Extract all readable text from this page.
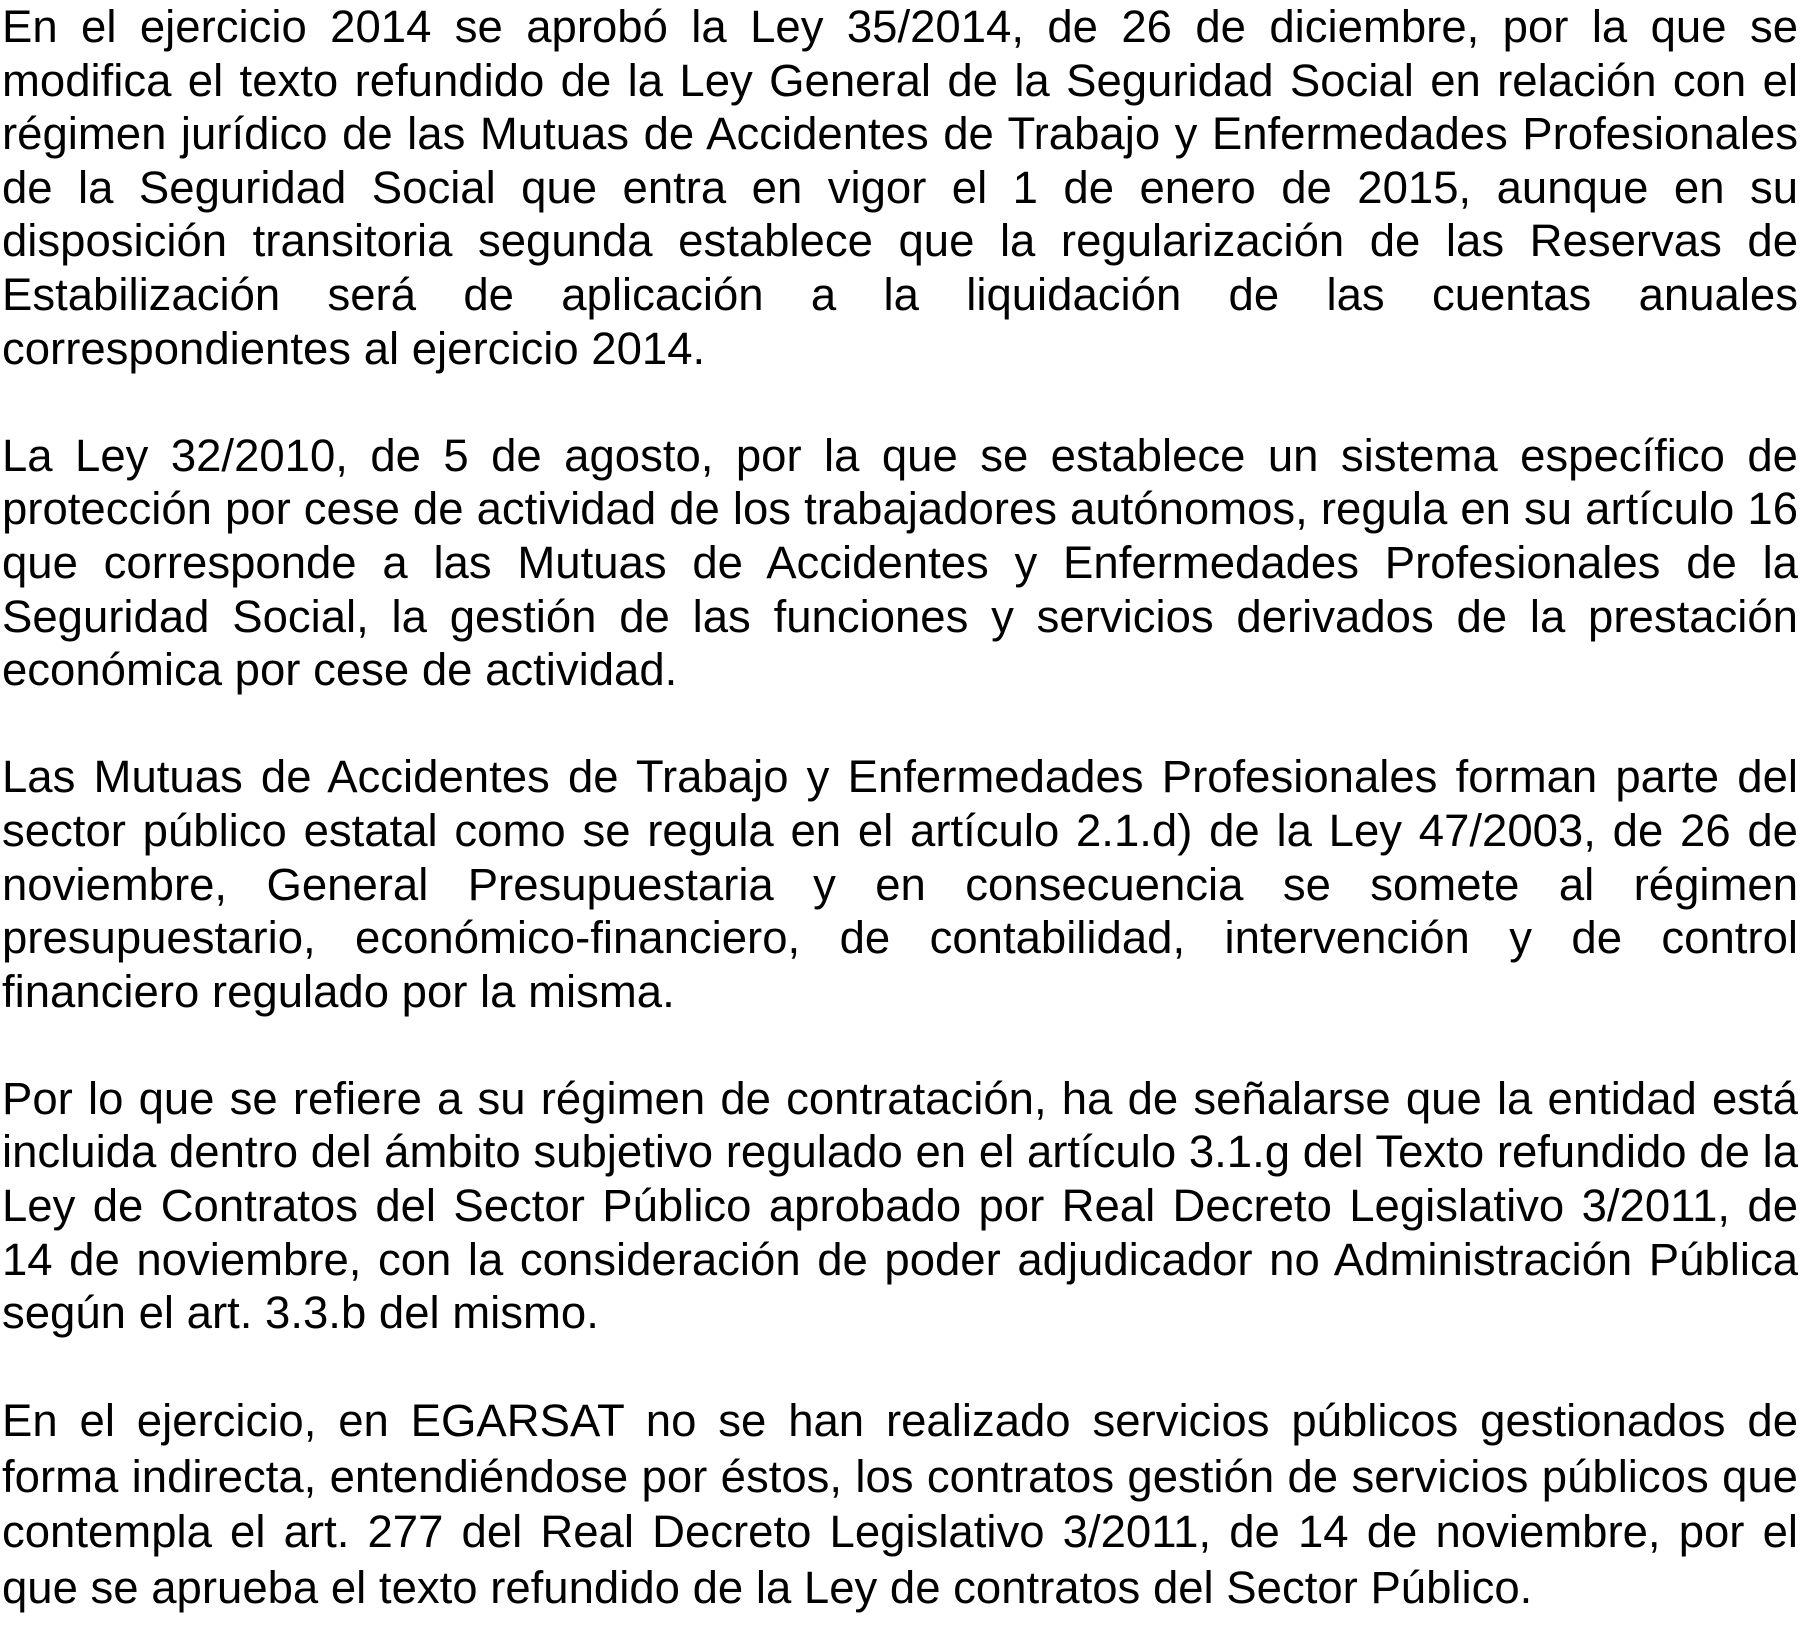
En el ejercicio 2014 se aprobó la Ley 35/2014, de 26 de diciembre, por la que se modifica el texto refundido de la Ley General de la Seguridad Social en relación con el régimen jurídico de las Mutuas de Accidentes de Trabajo y Enfermedades Profesionales de la Seguridad Social que entra en vigor el 1 de enero de 2015, aunque en su disposición transitoria segunda establece que la regularización de las Reservas de Estabilización será de aplicación a la liquidación de las cuentas anuales correspondientes al ejercicio 2014.

La Ley 32/2010, de 5 de agosto, por la que se establece un sistema específico de protección por cese de actividad de los trabajadores autónomos, regula en su artículo 16 que corresponde a las Mutuas de Accidentes y Enfermedades Profesionales de la Seguridad Social, la gestión de las funciones y servicios derivados de la prestación económica por cese de actividad.

Las Mutuas de Accidentes de Trabajo y Enfermedades Profesionales forman parte del sector público estatal como se regula en el artículo 2.1.d) de la Ley 47/2003, de 26 de noviembre, General Presupuestaria y en consecuencia se somete al régimen presupuestario, económico-financiero, de contabilidad, intervención y de control financiero regulado por la misma.

Por lo que se refiere a su régimen de contratación, ha de señalarse que la entidad está incluida dentro del ámbito subjetivo regulado en el artículo 3.1.g del Texto refundido de la Ley de Contratos del Sector Público aprobado por Real Decreto Legislativo 3/2011, de 14 de noviembre, con la consideración de poder adjudicador no Administración Pública según el art. 3.3.b del mismo.

En el ejercicio, en EGARSAT no se han realizado servicios públicos gestionados de forma indirecta, entendiéndose por éstos, los contratos gestión de servicios públicos que contempla el art. 277 del Real Decreto Legislativo 3/2011, de 14 de noviembre, por el que se aprueba el texto refundido de la Ley de contratos del Sector Público.
